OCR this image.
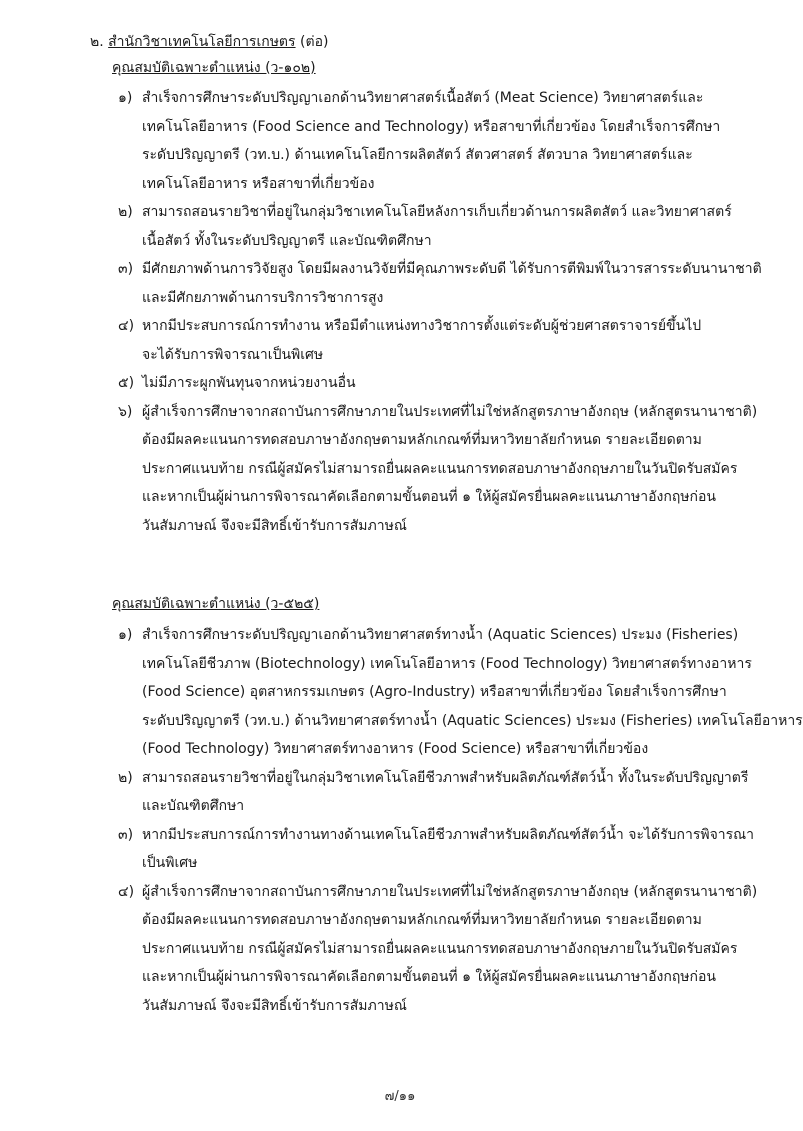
๒. สำนักวิชาเทคโนโลยีการเกษตร (ต่อ)
คุณสมบัติเฉพาะตำแหน่ง (ว-๑๐๒)
๑) สำเร็จการศึกษาระดับปริญญาเอกด้านวิทยาศาสตร์เนื้อสัตว์ (Meat Science) วิทยาศาสตร์และ
เทคโนโลยีอาหาร (Food Science and Technology) หรือสาขาที่เกี่ยวข้อง โดยสำเร็จการศึกษา
ระดับปริญญาตรี (วท.บ.) ด้านเทคโนโลยีการผลิตสัตว์ สัตวศาสตร์ สัตวบาล วิทยาศาสตร์และ
เทคโนโลยีอาหาร หรือสาขาที่เกี่ยวข้อง
๒) สามารถสอนรายวิชาที่อยู่ในกลุ่มวิชาเทคโนโลยีหลังการเก็บเกี่ยวด้านการผลิตสัตว์ และวิทยาศาสตร์
เนื้อสัตว์ ทั้งในระดับปริญญาตรี และบัณฑิตศึกษา
๓) มีศักยภาพด้านการวิจัยสูง โดยมีผลงานวิจัยที่มีคุณภาพระดับดี ได้รับการตีพิมพ์ในวารสารระดับนานาชาติ
และมีศักยภาพด้านการบริการวิชาการสูง
๔) หากมีประสบการณ์การทำงาน หรือมีตำแหน่งทางวิชาการตั้งแต่ระดับผู้ช่วยศาสตราจารย์ขึ้นไป
จะได้รับการพิจารณาเป็นพิเศษ
๕) ไม่มีภาระผูกพันทุนจากหน่วยงานอื่น
๖) ผู้สำเร็จการศึกษาจากสถาบันการศึกษาภายในประเทศที่ไม่ใช่หลักสูตรภาษาอังกฤษ (หลักสูตรนานาชาติ)
ต้องมีผลคะแนนการทดสอบภาษาอังกฤษตามหลักเกณฑ์ที่มหาวิทยาลัยกำหนด รายละเอียดตาม
ประกาศแนบท้าย กรณีผู้สมัครไม่สามารถยื่นผลคะแนนการทดสอบภาษาอังกฤษภายในวันปิดรับสมัคร
และหากเป็นผู้ผ่านการพิจารณาคัดเลือกตามขั้นตอนที่ ๑ ให้ผู้สมัครยื่นผลคะแนนภาษาอังกฤษก่อน
วันสัมภาษณ์ จึงจะมีสิทธิ์เข้ารับการสัมภาษณ์
คุณสมบัติเฉพาะตำแหน่ง (ว-๕๒๕)
๑) สำเร็จการศึกษาระดับปริญญาเอกด้านวิทยาศาสตร์ทางน้ำ (Aquatic Sciences) ประมง (Fisheries)
เทคโนโลยีชีวภาพ (Biotechnology) เทคโนโลยีอาหาร (Food Technology) วิทยาศาสตร์ทางอาหาร
(Food Science) อุตสาหกรรมเกษตร (Agro-Industry) หรือสาขาที่เกี่ยวข้อง โดยสำเร็จการศึกษา
ระดับปริญญาตรี (วท.บ.) ด้านวิทยาศาสตร์ทางน้ำ (Aquatic Sciences) ประมง (Fisheries) เทคโนโลยีอาหาร
(Food Technology) วิทยาศาสตร์ทางอาหาร (Food Science) หรือสาขาที่เกี่ยวข้อง
๒) สามารถสอนรายวิชาที่อยู่ในกลุ่มวิชาเทคโนโลยีชีวภาพสำหรับผลิตภัณฑ์สัตว์น้ำ ทั้งในระดับปริญญาตรี
และบัณฑิตศึกษา
๓) หากมีประสบการณ์การทำงานทางด้านเทคโนโลยีชีวภาพสำหรับผลิตภัณฑ์สัตว์น้ำ จะได้รับการพิจารณา
เป็นพิเศษ
๔) ผู้สำเร็จการศึกษาจากสถาบันการศึกษาภายในประเทศที่ไม่ใช่หลักสูตรภาษาอังกฤษ (หลักสูตรนานาชาติ)
ต้องมีผลคะแนนการทดสอบภาษาอังกฤษตามหลักเกณฑ์ที่มหาวิทยาลัยกำหนด รายละเอียดตาม
ประกาศแนบท้าย กรณีผู้สมัครไม่สามารถยื่นผลคะแนนการทดสอบภาษาอังกฤษภายในวันปิดรับสมัคร
และหากเป็นผู้ผ่านการพิจารณาคัดเลือกตามขั้นตอนที่ ๑ ให้ผู้สมัครยื่นผลคะแนนภาษาอังกฤษก่อน
วันสัมภาษณ์ จึงจะมีสิทธิ์เข้ารับการสัมภาษณ์
๗/๑๑
